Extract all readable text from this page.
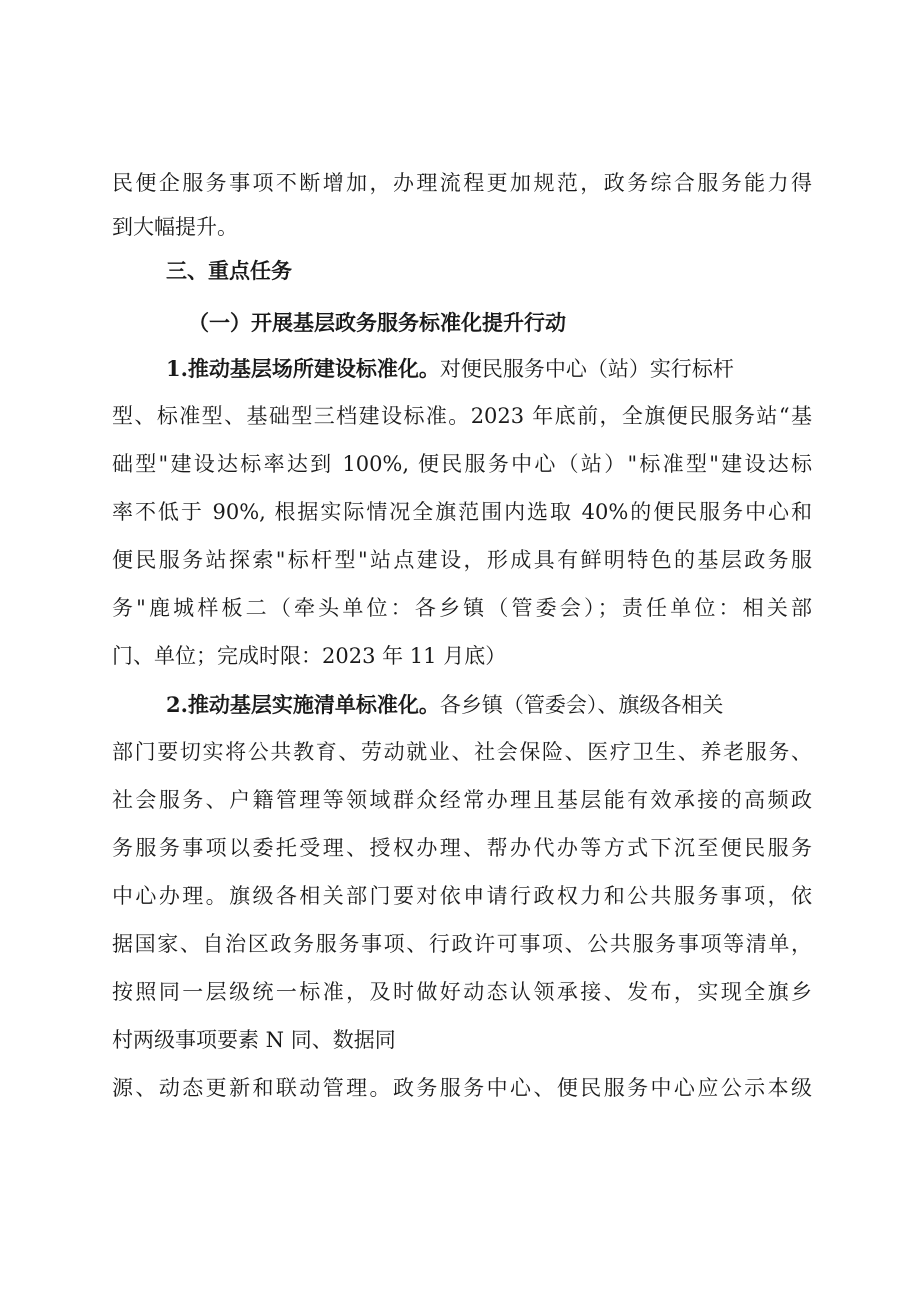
民便企服务事项不断增加，办理流程更加规范，政务综合服务能力得
到大幅提升。
三、重点任务
（一）开展基层政务服务标准化提升行动
1.推动基层场所建设标准化。对便民服务中心（站）实行标杆
型、标准型、基础型三档建设标准。2023 年底前，全旗便民服务站“基
础型"建设达标率达到 100%, 便民服务中心（站）"标准型"建设达标
率不低于 90%, 根据实际情况全旗范围内选取 40%的便民服务中心和
便民服务站探索"标杆型"站点建设，形成具有鲜明特色的基层政务服
务"鹿城样板二（牵头单位：各乡镇（管委会）；责任单位：相关部
门、单位；完成时限：2023 年 11 月底）
2.推动基层实施清单标准化。各乡镇（管委会）、旗级各相关
部门要切实将公共教育、劳动就业、社会保险、医疗卫生、养老服务、
社会服务、户籍管理等领域群众经常办理且基层能有效承接的高频政
务服务事项以委托受理、授权办理、帮办代办等方式下沉至便民服务
中心办理。旗级各相关部门要对依申请行政权力和公共服务事项，依
据国家、自治区政务服务事项、行政许可事项、公共服务事项等清单，
按照同一层级统一标准，及时做好动态认领承接、发布，实现全旗乡
村两级事项要素 N 同、数据同
源、动态更新和联动管理。政务服务中心、便民服务中心应公示本级
